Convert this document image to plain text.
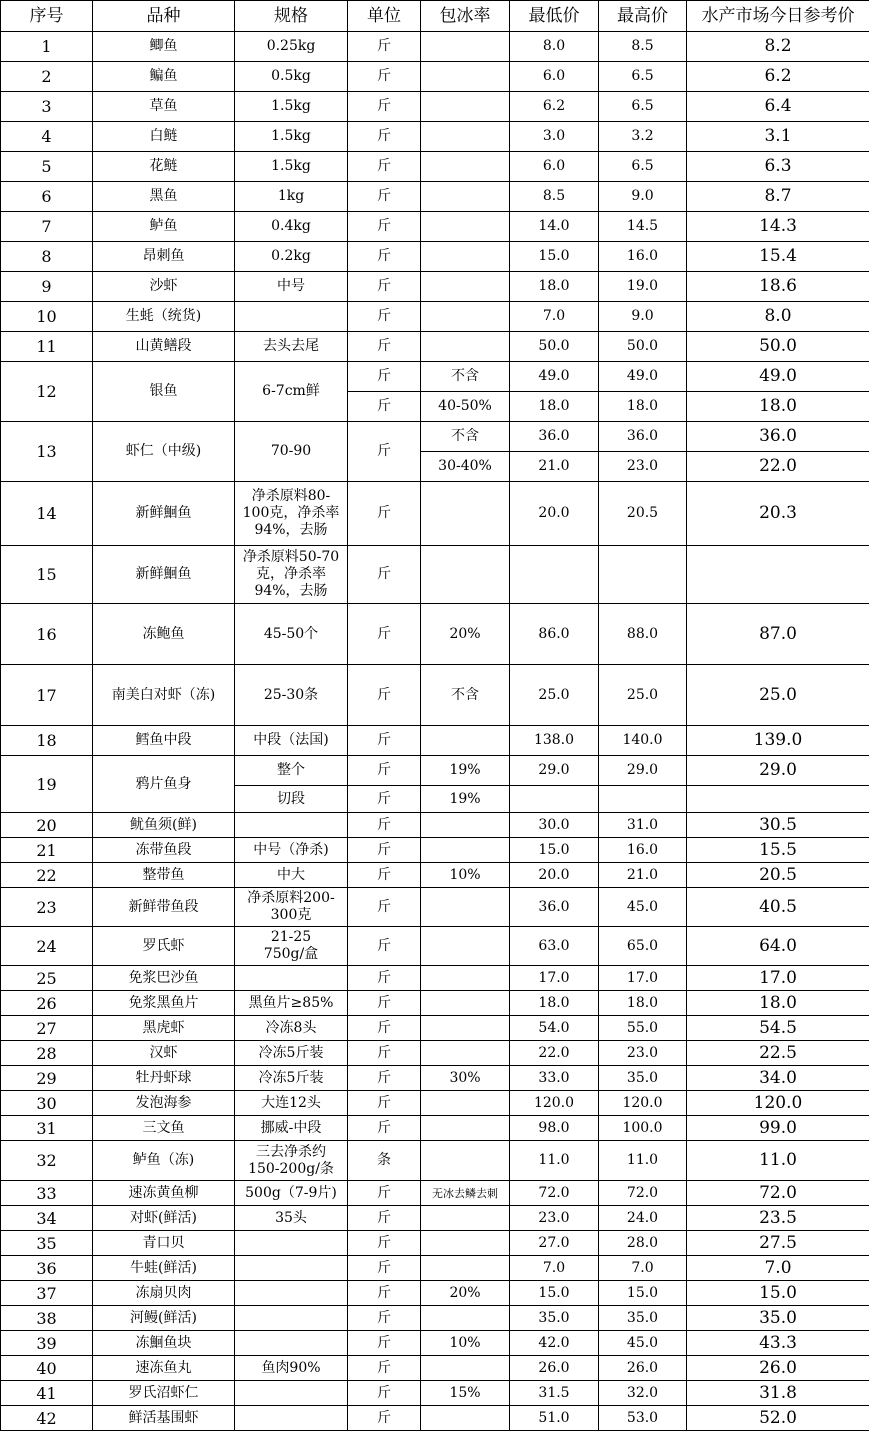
序号	品种	规格	单位	包冰率	最低价	最高价	水产市场今日参考价
1	鲫鱼	0.25kg	斤		8.0	8.5	8.2
2	鳊鱼	0.5kg	斤		6.0	6.5	6.2
3	草鱼	1.5kg	斤		6.2	6.5	6.4
4	白鲢	1.5kg	斤		3.0	3.2	3.1
5	花鲢	1.5kg	斤		6.0	6.5	6.3
6	黑鱼	1kg	斤		8.5	9.0	8.7
7	鲈鱼	0.4kg	斤		14.0	14.5	14.3
8	昂刺鱼	0.2kg	斤		15.0	16.0	15.4
9	沙虾	中号	斤		18.0	19.0	18.6
10	生蚝（统货)		斤		7.0	9.0	8.0
11	山黄鳝段	去头去尾	斤		50.0	50.0	50.0
12	银鱼	6-7cm鲜	斤	不含	49.0	49.0	49.0
			斤	40-50%	18.0	18.0	18.0
13	虾仁（中级)	70-90	斤	不含	36.0	36.0	36.0
				30-40%	21.0	23.0	22.0
14	新鲜鮰鱼	净杀原料80-
100克，净杀率
94%，去肠	斤		20.0	20.5	20.3
15	新鲜鮰鱼	净杀原料50-70
克，净杀率
94%，去肠	斤				
16	冻鲍鱼	45-50个	斤	20%	86.0	88.0	87.0
17	南美白对虾（冻)	25-30条	斤	不含	25.0	25.0	25.0
18	鳕鱼中段	中段（法国)	斤		138.0	140.0	139.0
19	鸦片鱼身	整个	斤	19%	29.0	29.0	29.0
		切段	斤	19%			
20	鱿鱼须(鲜)		斤		30.0	31.0	30.5
21	冻带鱼段	中号（净杀)	斤		15.0	16.0	15.5
22	整带鱼	中大	斤	10%	20.0	21.0	20.5
23	新鲜带鱼段	净杀原料200-
300克	斤		36.0	45.0	40.5
24	罗氏虾	21-25
750g/盒	斤		63.0	65.0	64.0
25	免浆巴沙鱼		斤		17.0	17.0	17.0
26	免浆黑鱼片	黑鱼片≥85%	斤		18.0	18.0	18.0
27	黑虎虾	冷冻8头	斤		54.0	55.0	54.5
28	汉虾	冷冻5斤装	斤		22.0	23.0	22.5
29	牡丹虾球	冷冻5斤装	斤	30%	33.0	35.0	34.0
30	发泡海参	大连12头	斤		120.0	120.0	120.0
31	三文鱼	挪威-中段	斤		98.0	100.0	99.0
32	鲈鱼（冻)	三去净杀约
150-200g/条	条		11.0	11.0	11.0
33	速冻黄鱼柳	500g（7-9片)	斤	无冰去鳞去刺	72.0	72.0	72.0
34	对虾(鲜活)	35头	斤		23.0	24.0	23.5
35	青口贝		斤		27.0	28.0	27.5
36	牛蛙(鲜活)		斤		7.0	7.0	7.0
37	冻扇贝肉		斤	20%	15.0	15.0	15.0
38	河鳗(鲜活)		斤		35.0	35.0	35.0
39	冻鮰鱼块		斤	10%	42.0	45.0	43.3
40	速冻鱼丸	鱼肉90%	斤		26.0	26.0	26.0
41	罗氏沼虾仁		斤	15%	31.5	32.0	31.8
42	鲜活基围虾		斤		51.0	53.0	52.0
